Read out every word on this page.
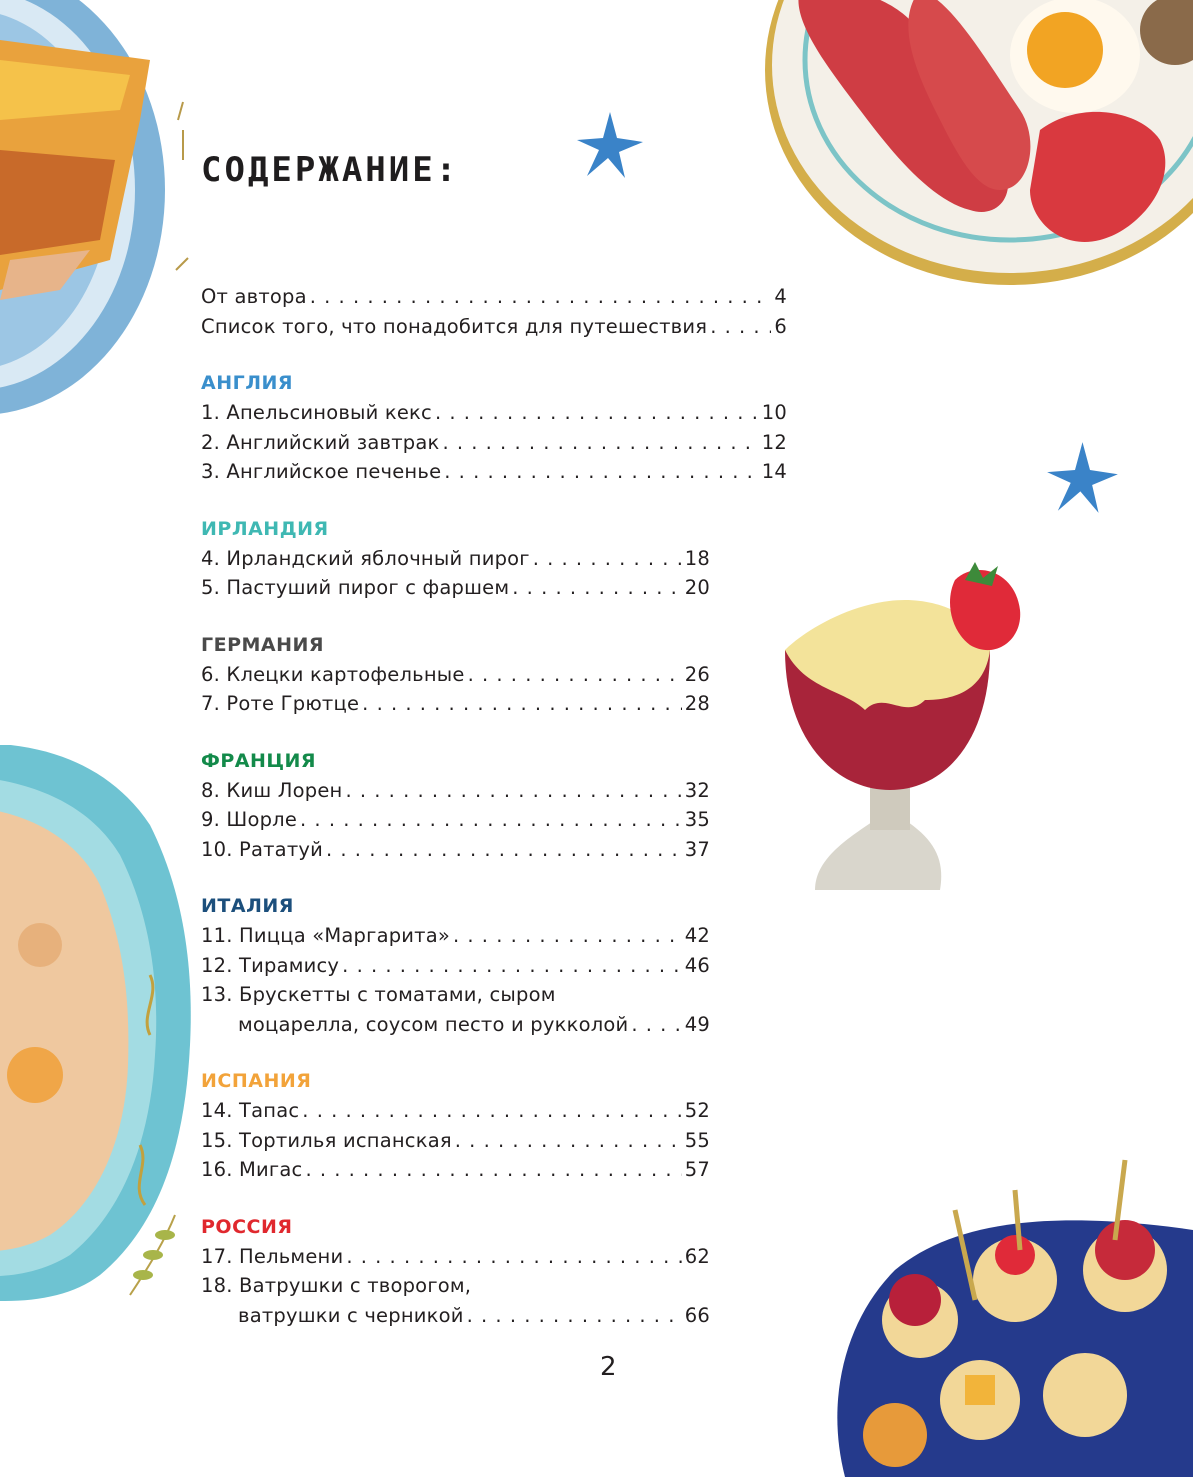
СОДЕРЖАНИЕ:
От автора . . .	4
Список того, что понадобится для путешествия . . .	6
АНГЛИЯ
1. Апельсиновый кекс . . .	10
2. Английский завтрак . . .	12
3. Английское печенье . . .	14
ИРЛАНДИЯ
4. Ирландский яблочный пирог . . .	18
5. Пастуший пирог с фаршем . . .	20
ГЕРМАНИЯ
6. Клецки картофельные . . .	26
7. Роте Грютце . . .	28
ФРАНЦИЯ
8. Киш Лорен . . .	32
9. Шорле . . .	35
10. Рататуй . . .	37
ИТАЛИЯ
11. Пицца «Маргарита» . . .	42
12. Тирамису . . .	46
13. Брускетты с томатами, сыром
моцарелла, соусом песто и рукколой . . .	49
ИСПАНИЯ
14. Тапас . . .	52
15. Тортилья испанская . . .	55
16. Мигас . . .	57
РОССИЯ
17. Пельмени . . .	62
18. Ватрушки с творогом,
ватрушки с черникой . . .	66
2
